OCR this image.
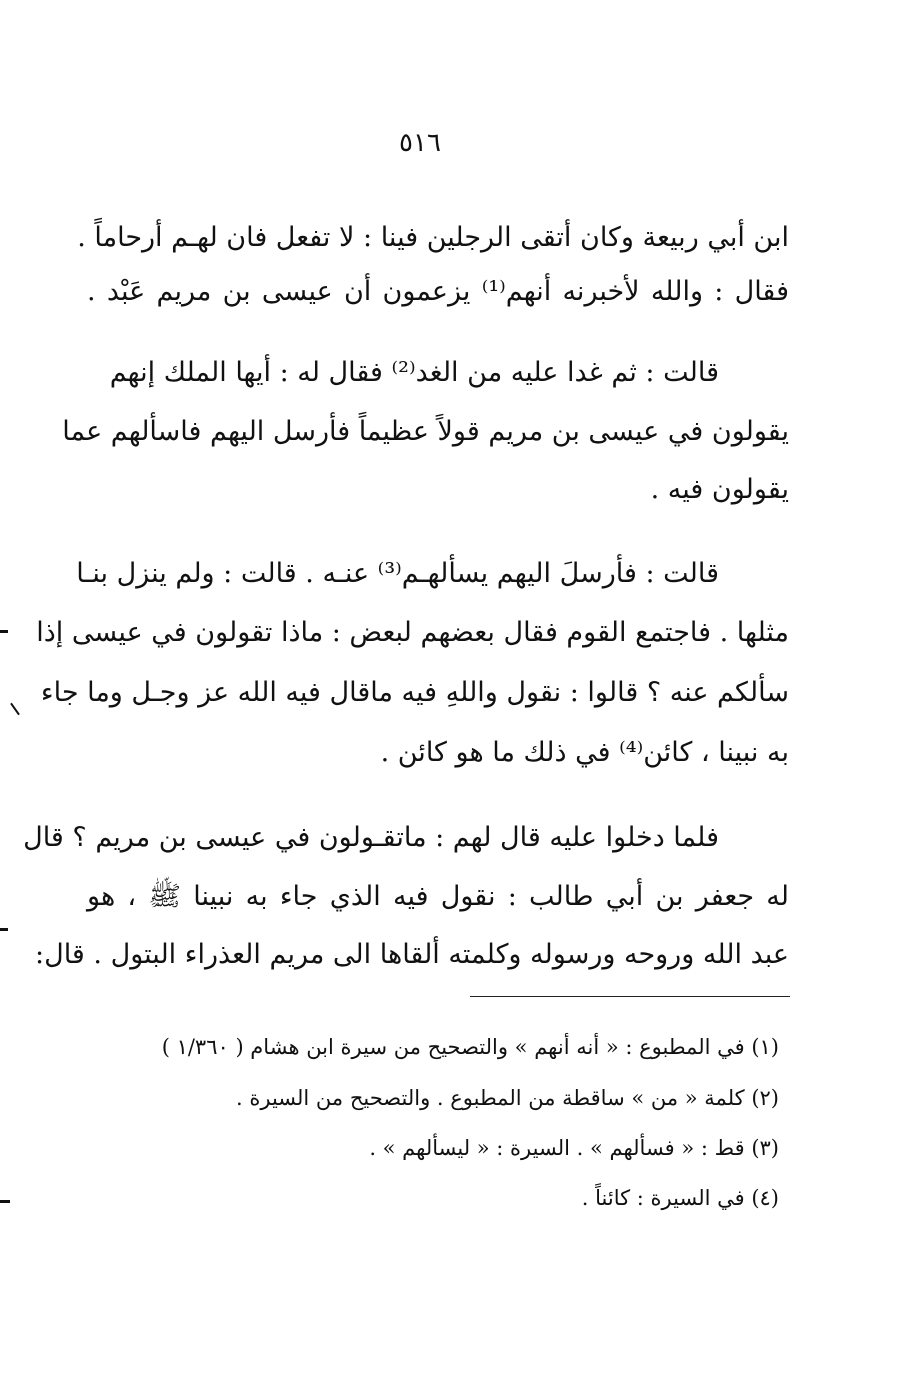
٥١٦
ابن أبي ربيعة وكان أتقى الرجلين فينا : لا تفعل فان لهـم أرحاماً .
فقال : والله لأخبرنه أنهم⁽¹⁾ يزعمون أن عيسى بن مريم عَبْد .
قالت : ثم غدا عليه من الغد⁽²⁾ فقال له : أيها الملك إنهم
يقولون في عيسى بن مريم قولاً عظيماً فأرسل اليهم فاسألهم عما
يقولون فيه .
قالت : فأرسلَ اليهم يسألهـم⁽³⁾ عنـه . قالت : ولم ينزل بنـا
مثلها . فاجتمع القوم فقال بعضهم لبعض : ماذا تقولون في عيسى إذا
سألكم عنه ؟ قالوا : نقول واللهِ فيه ماقال فيه الله عز وجـل وما جاء
به نبينا ، كائن⁽⁴⁾ في ذلك ما هو كائن .
فلما دخلوا عليه قال لهم : ماتقـولون في عيسى بن مريم ؟ قال
له جعفر بن أبي طالب : نقول فيه الذي جاء به نبينا ﷺ ، هو
عبد الله وروحه ورسوله وكلمته ألقاها الى مريم العذراء البتول . قال:
(١) في المطبوع : « أنه أنهم » والتصحيح من سيرة ابن هشام ( ١/٣٦٠ )
(٢) كلمة « من » ساقطة من المطبوع . والتصحيح من السيرة .
(٣) قط : « فسألهم » . السيرة : « ليسألهم » .
(٤) في السيرة : كائناً .
